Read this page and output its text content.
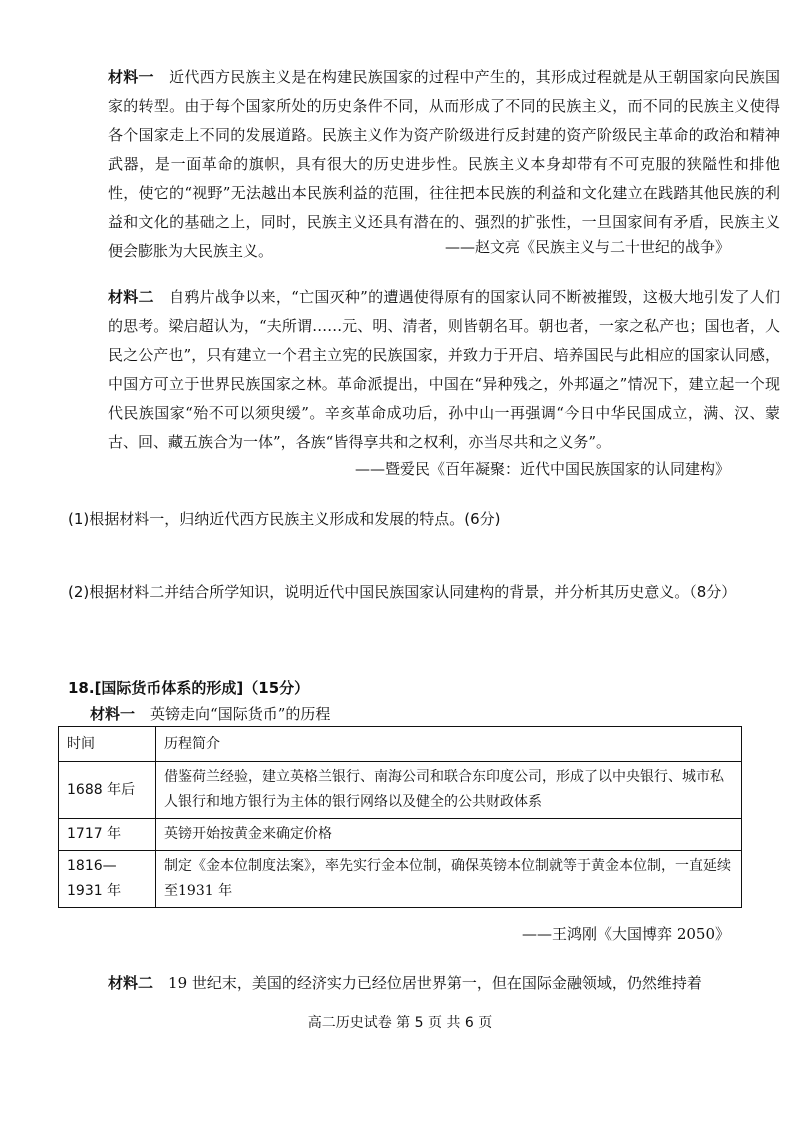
材料一　 近代西方民族主义是在构建民族国家的过程中产生的，其形成过程就是从王朝国家向民族国家的转型。由于每个国家所处的历史条件不同，从而形成了不同的民族主义，而不同的民族主义使得各个国家走上不同的发展道路。民族主义作为资产阶级进行反封建的资产阶级民主革命的政治和精神武器，是一面革命的旗帜，具有很大的历史进步性。民族主义本身却带有不可克服的狭隘性和排他性，使它的“视野”无法越出本民族利益的范围，往往把本民族的利益和文化建立在践踏其他民族的利益和文化的基础之上，同时，民族主义还具有潜在的、强烈的扩张性，一旦国家间有矛盾，民族主义便会膨胀为大民族主义。	——赵文亮《民族主义与二十世纪的战争》

材料二　 自鸦片战争以来，“亡国灭种”的遭遇使得原有的国家认同不断被摧毁，这极大地引发了人们的思考。梁启超认为，“夫所谓……元、明、清者，则皆朝名耳。朝也者，一家之私产也；国也者，人民之公产也”，只有建立一个君主立宪的民族国家，并致力于开启、培养国民与此相应的国家认同感，中国方可立于世界民族国家之林。革命派提出，中国在“异种残之，外邦逼之”情况下，建立起一个现代民族国家“殆不可以须臾缓”。辛亥革命成功后，孙中山一再强调“今日中华民国成立，满、汉、蒙古、回、藏五族合为一体”，各族“皆得享共和之权利，亦当尽共和之义务”。

——暨爱民《百年凝聚：近代中国民族国家的认同建构》

(1)根据材料一，归纳近代西方民族主义形成和发展的特点。(6分)

(2)根据材料二并结合所学知识，说明近代中国民族国家认同建构的背景，并分析其历史意义。（8分）

18.[国际货币体系的形成]（15分）

材料一　 英镑走向“国际货币”的历程

时间	历程简介
1688 年后	借鉴荷兰经验，建立英格兰银行、南海公司和联合东印度公司，形成了以中央银行、城市私人银行和地方银行为主体的银行网络以及健全的公共财政体系
1717 年	英镑开始按黄金来确定价格
1816—1931 年	制定《金本位制度法案》，率先实行金本位制，确保英镑本位制就等于黄金本位制，一直延续至1931 年

——王鸿刚《大国博弈 2050》

材料二　 19 世纪末，美国的经济实力已经位居世界第一，但在国际金融领域，仍然维持着

高二历史试卷 第 5 页 共 6 页
